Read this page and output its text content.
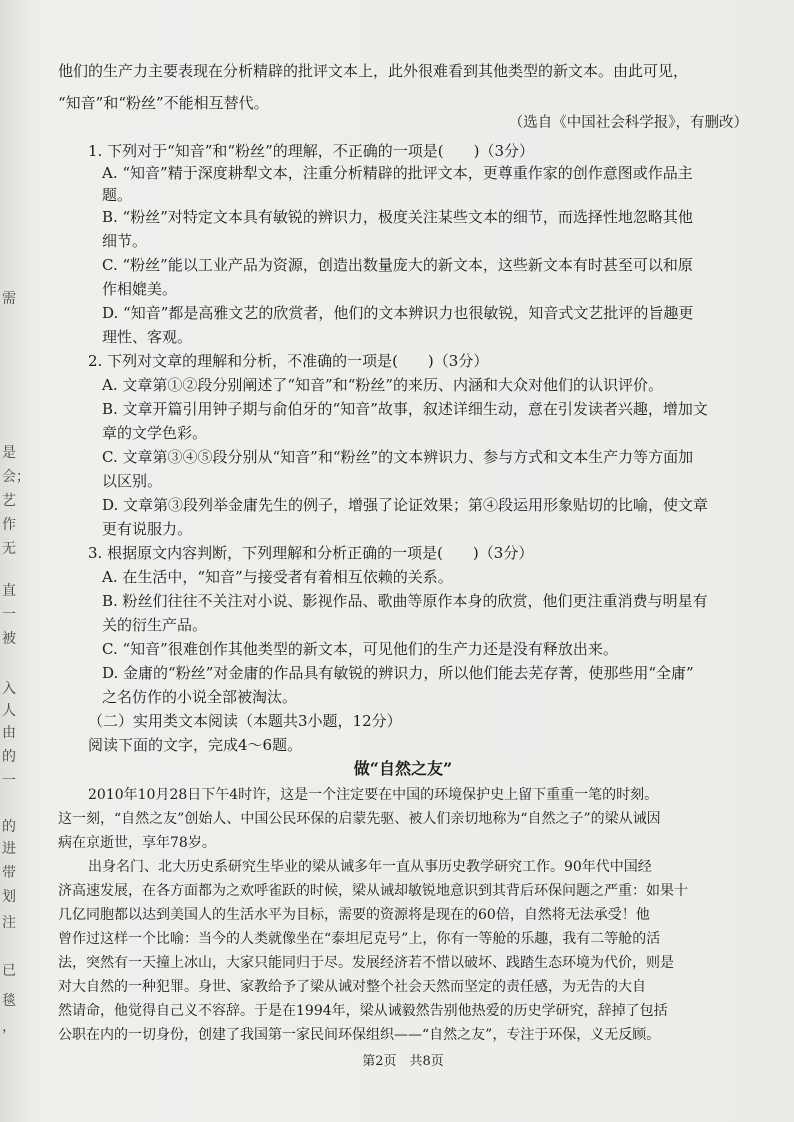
需
是
会；
艺
作
无
直
一
被
入
人
由
的
一
的
进
带
划
注
已
毯
，
他们的生产力主要表现在分析精辟的批评文本上，此外很难看到其他类型的新文本。由此可见，
“知音”和“粉丝”不能相互替代。
（选自《中国社会科学报》，有删改）
1. 下列对于“知音”和“粉丝”的理解，不正确的一项是(　　)（3分）
A. “知音”精于深度耕犁文本，注重分析精辟的批评文本，更尊重作家的创作意图或作品主
题。
B. “粉丝”对特定文本具有敏锐的辨识力，极度关注某些文本的细节，而选择性地忽略其他
细节。
C. “粉丝”能以工业产品为资源，创造出数量庞大的新文本，这些新文本有时甚至可以和原
作相媲美。
D. “知音”都是高雅文艺的欣赏者，他们的文本辨识力也很敏锐，知音式文艺批评的旨趣更
理性、客观。
2. 下列对文章的理解和分析，不准确的一项是(　　)（3分）
A. 文章第①②段分别阐述了“知音”和“粉丝”的来历、内涵和大众对他们的认识评价。
B. 文章开篇引用钟子期与俞伯牙的“知音”故事，叙述详细生动，意在引发读者兴趣，增加文
章的文学色彩。
C. 文章第③④⑤段分别从“知音”和“粉丝”的文本辨识力、参与方式和文本生产力等方面加
以区别。
D. 文章第③段列举金庸先生的例子，增强了论证效果；第④段运用形象贴切的比喻，使文章
更有说服力。
3. 根据原文内容判断，下列理解和分析正确的一项是(　　)（3分）
A. 在生活中，“知音”与接受者有着相互依赖的关系。
B. 粉丝们往往不关注对小说、影视作品、歌曲等原作本身的欣赏，他们更注重消费与明星有
关的衍生产品。
C. “知音”很难创作其他类型的新文本，可见他们的生产力还是没有释放出来。
D. 金庸的“粉丝”对金庸的作品具有敏锐的辨识力，所以他们能去芜存菁，使那些用“全庸”
之名仿作的小说全部被淘汰。
（二）实用类文本阅读（本题共3小题，12分）
阅读下面的文字，完成4～6题。
做“自然之友”
2010年10月28日下午4时许，这是一个注定要在中国的环境保护史上留下重重一笔的时刻。
这一刻，“自然之友”创始人、中国公民环保的启蒙先驱、被人们亲切地称为“自然之子”的梁从诫因
病在京逝世，享年78岁。
出身名门、北大历史系研究生毕业的梁从诫多年一直从事历史教学研究工作。90年代中国经
济高速发展，在各方面都为之欢呼雀跃的时候，梁从诫却敏锐地意识到其背后环保问题之严重：如果十
几亿同胞都以达到美国人的生活水平为目标，需要的资源将是现在的60倍，自然将无法承受！他
曾作过这样一个比喻：当今的人类就像坐在“泰坦尼克号”上，你有一等舱的乐趣，我有二等舱的活
法，突然有一天撞上冰山，大家只能同归于尽。发展经济若不惜以破坏、践踏生态环境为代价，则是
对大自然的一种犯罪。身世、家教给予了梁从诫对整个社会天然而坚定的责任感，为无告的大自
然请命，他觉得自己义不容辞。于是在1994年，梁从诫毅然告别他热爱的历史学研究，辞掉了包括
公职在内的一切身份，创建了我国第一家民间环保组织——“自然之友”，专注于环保，义无反顾。
第2页　共8页
